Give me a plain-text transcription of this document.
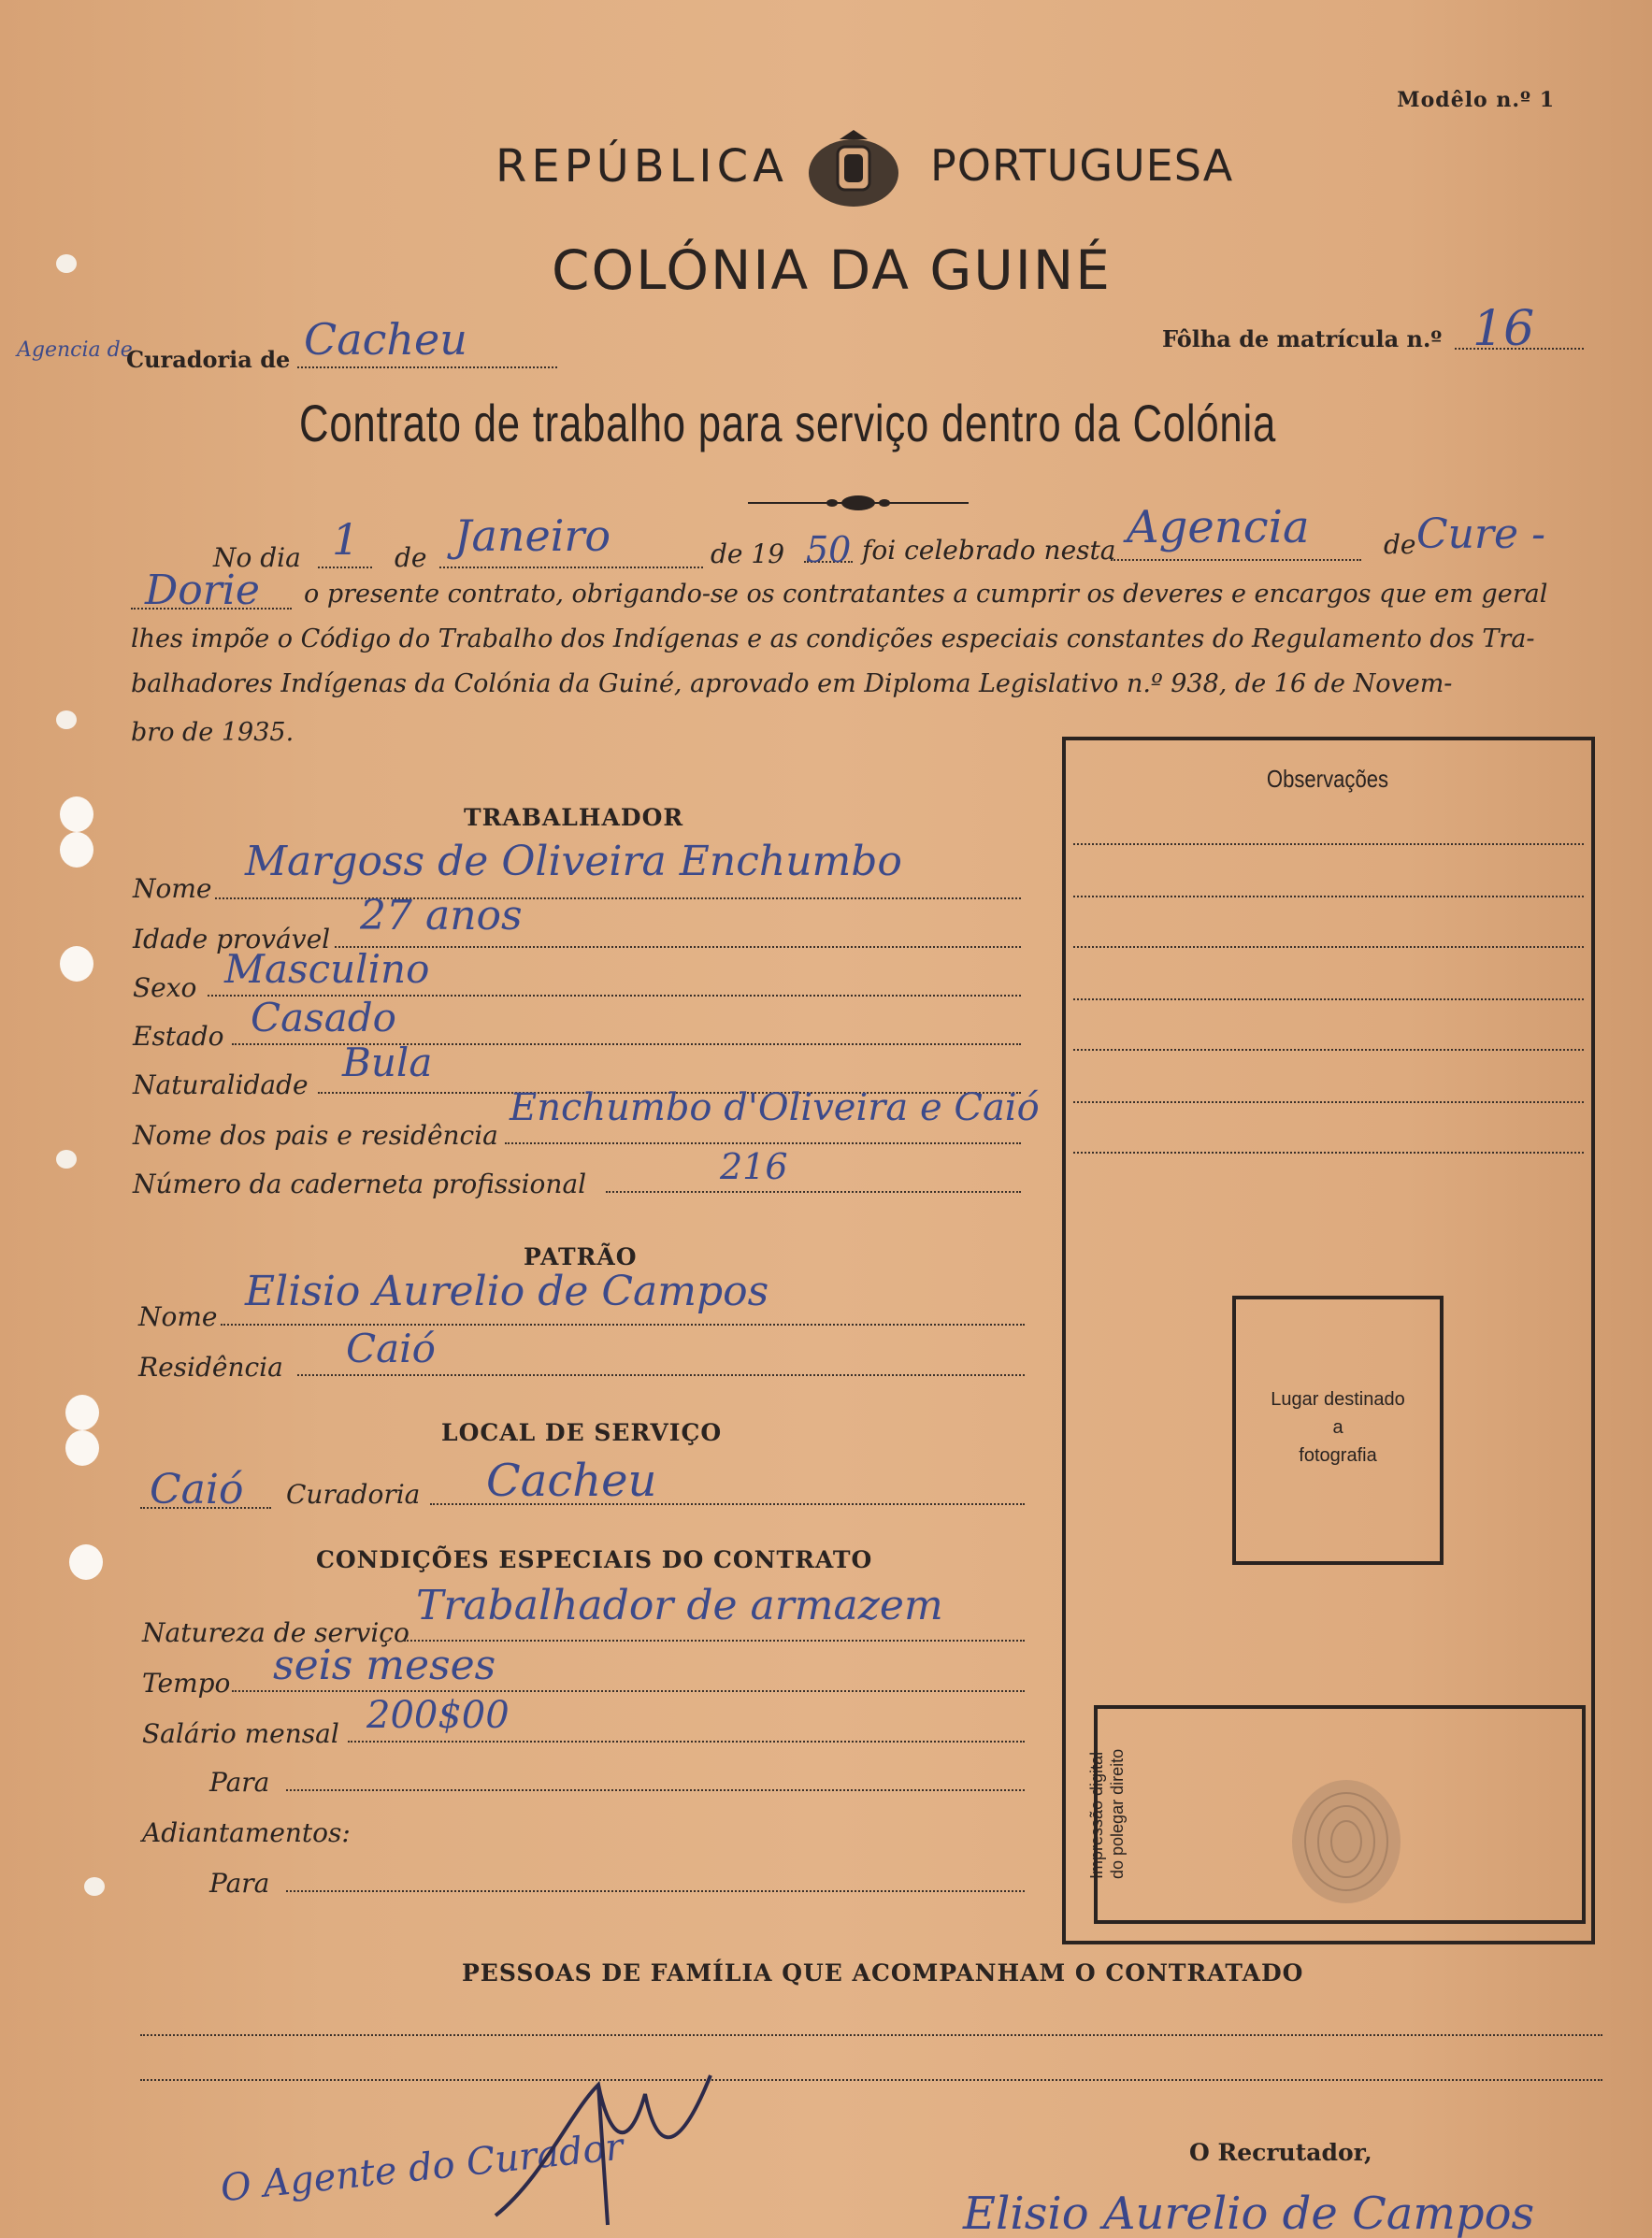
Modêlo n.º 1
REPÚBLICA	PORTUGUESA
COLÓNIA DA GUINÉ
Agencia de
Curadoria de Cacheu	Fôlha de matrícula n.º 16
Contrato de trabalho para serviço dentro da Colónia
No dia 1 de Janeiro	de 19 50 foi celebrado nesta Agencia	de Cure -
Dorie o presente contrato, obrigando-se os contratantes a cumprir os deveres e encargos que em geral
lhes impõe o Código do Trabalho dos Indígenas e as condições especiais constantes do Regulamento dos Tra-
balhadores Indígenas da Colónia da Guiné, aprovado em Diploma Legislativo n.º 938, de 16 de Novem-
bro de 1935.
Observações
Lugar destinado
a
fotografia
Impressão digital do polegar direito
TRABALHADOR
Nome
Margoss de Oliveira Enchumbo
Idade provável 27 anos
Sexo Masculino
Estado Casado
Naturalidade Bula
Nome dos pais e residência
Enchumbo d'Oliveira e Caió
Número da caderneta profissional	216
PATRÃO
Nome
Elisio Aurelio de Campos
Residência Caió
LOCAL DE SERVIÇO
Caió Curadoria Cacheu
CONDIÇÕES ESPECIAIS DO CONTRATO
Natureza de serviço
Trabalhador de armazem
Tempo seis meses
Salário mensal 200$00
Para
Adiantamentos:
Para
PESSOAS DE FAMÍLIA QUE ACOMPANHAM O CONTRATADO
O Agente do Curador	O Recrutador,
Elisio Aurelio de Campos
